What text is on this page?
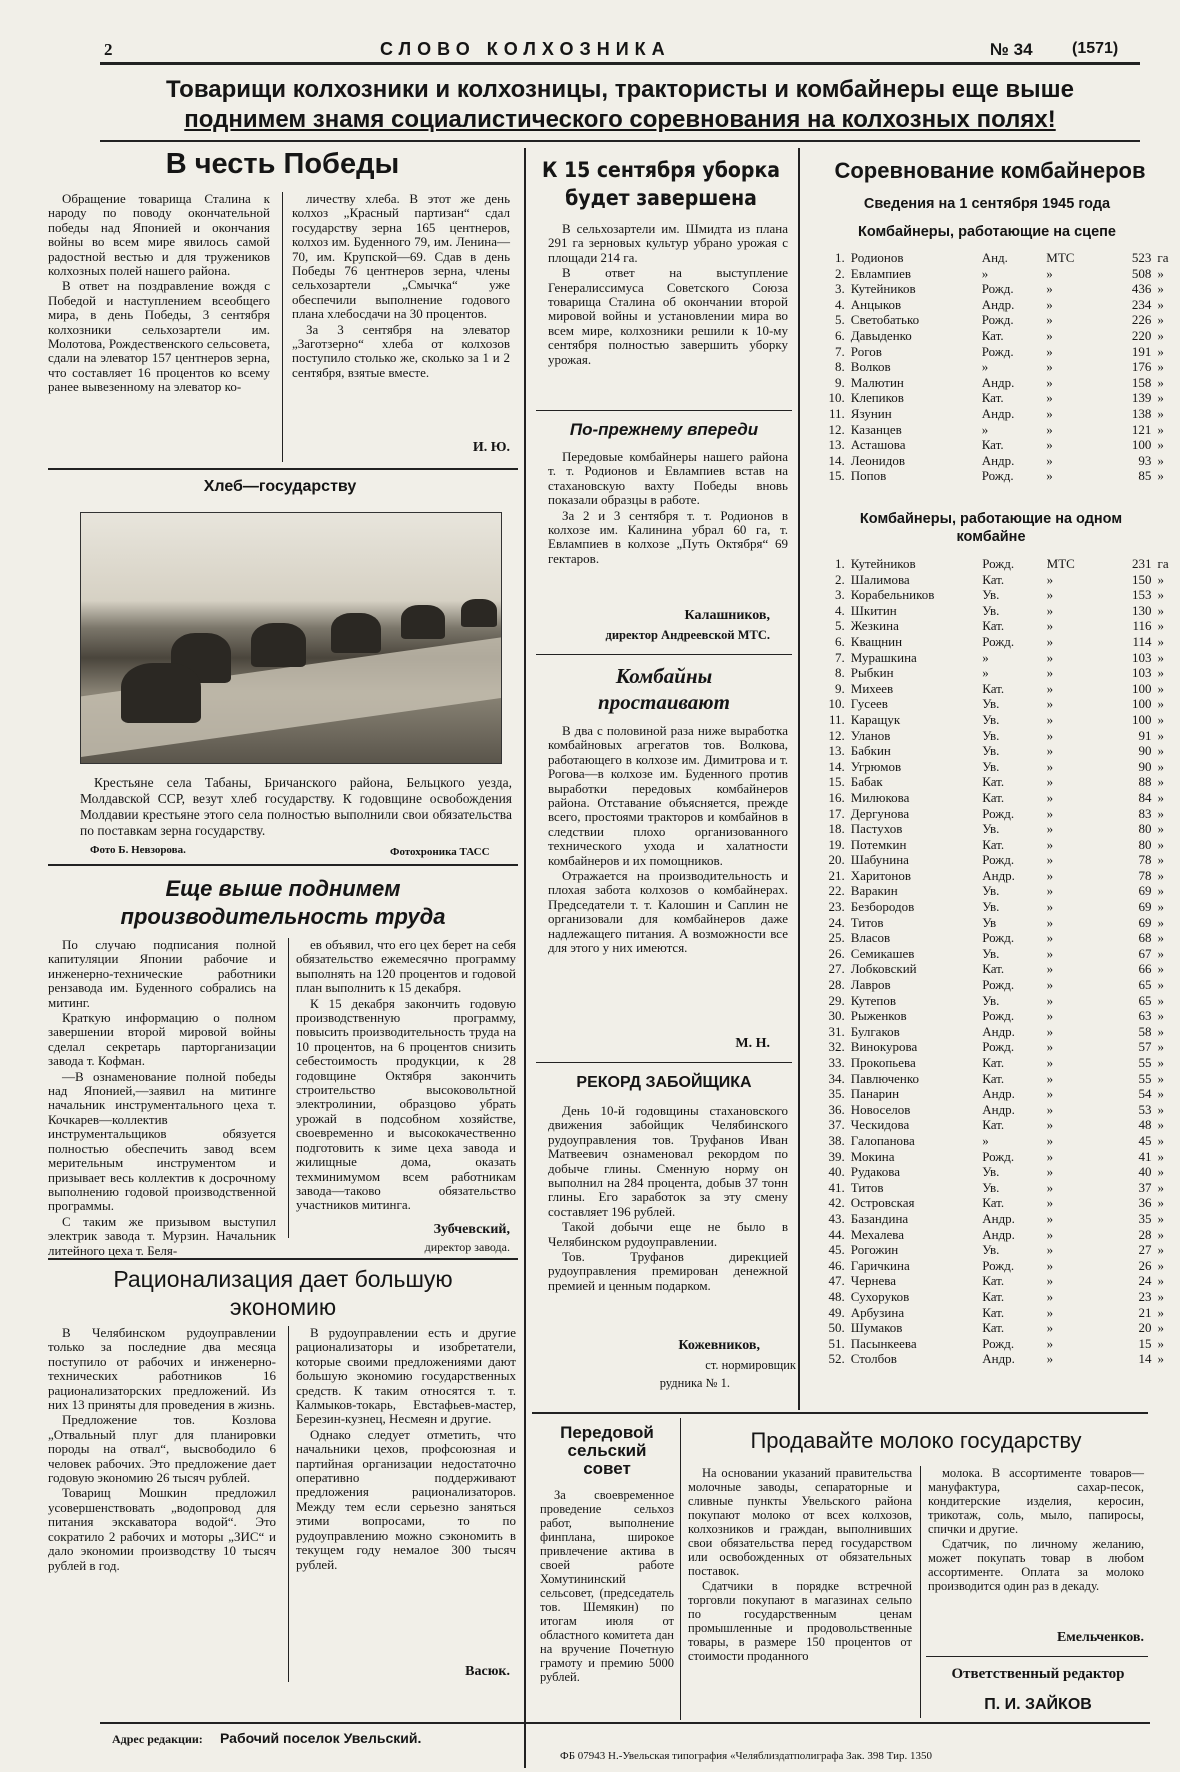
2	СЛОВО КОЛХОЗНИКА	№ 34 (1571)
Товарищи колхозники и колхозницы, трактористы и комбайнеры еще выше
поднимем знамя социалистического соревнования на колхозных полях!
В честь Победы

Обращение товарища Сталина к народу по поводу окончательной победы над Японией и окончания войны во всем мире явилось самой радостной вестью и для тружеников колхозных полей нашего района.

В ответ на поздравление вождя с Победой и наступлением всеобщего мира, в день Победы, 3 сентября колхозники сельхозартели им. Молотова, Рождественского сельсовета, сдали на элеватор 157 центнеров зерна, что составляет 16 процентов ко всему ранее вывезенному на элеватор ко-

личеству хлеба. В этот же день колхоз „Красный партизан“ сдал государству зерна 165 центнеров, колхоз им. Буденного 79, им. Ленина—70, им. Крупской—69. Сдав в день Победы 76 центнеров зерна, члены сельхозартели „Смычка“ уже обеспечили выполнение годового плана хлебосдачи на 30 процентов.

За 3 сентября на элеватор „Заготзерно“ хлеба от колхозов поступило столько же, сколько за 1 и 2 сентября, взятые вместе.

И. Ю.
Хлеб—государству
Крестьяне села Табаны, Бричанского района, Бельцкого уезда, Молдавской ССР, везут хлеб государству. К годовщине освобождения Молдавии крестьяне этого села полностью выполнили свои обязательства по поставкам зерна государству.
Фото Б. Невзорова.	Фотохроника ТАСС
Еще выше поднимем
производительность труда

По случаю подписания полной капитуляции Японии рабочие и инженерно-технические работники рензавода им. Буденного собрались на митинг.

Краткую информацию о полном завершении второй мировой войны сделал секретарь парторганизации завода т. Кофман.

—В ознаменование полной победы над Японией,—заявил на митинге начальник инструментального цеха т. Кочкарев—коллектив инструментальщиков обязуется полностью обеспечить завод всем мерительным инструментом и призывает весь коллектив к досрочному выполнению годовой производственной программы.

С таким же призывом выступил электрик завода т. Мурзин. Начальник литейного цеха т. Беля-

ев объявил, что его цех берет на себя обязательство ежемесячно программу выполнять на 120 процентов и годовой план выполнить к 15 декабря.

К 15 декабря закончить годовую производственную программу, повысить производительность труда на 10 процентов, на 6 процентов снизить себестоимость продукции, к 28 годовщине Октября закончить строительство высоковольтной электролинии, образцово убрать урожай в подсобном хозяйстве, своевременно и высококачественно подготовить к зиме цеха завода и жилищные дома, оказать техминимумом всем работникам завода—таково обязательство участников митинга.

Зубчевский,
директор завода.
Рационализация дает большую
экономию

В Челябинском рудоуправлении только за последние два месяца поступило от рабочих и инженерно-технических работников 16 рационализаторских предложений. Из них 13 приняты для проведения в жизнь.

Предложение тов. Козлова „Отвальный плуг для планировки породы на отвал“, высвободило 6 человек рабочих. Это предложение дает годовую экономию 26 тысяч рублей.

Товарищ Мошкин предложил усовершенствовать „водопровод для питания экскаватора водой“. Это сократило 2 рабочих и моторы „ЗИС“ и дало экономии производству 10 тысяч рублей в год.

В рудоуправлении есть и другие рационализаторы и изобретатели, которые своими предложениями дают большую экономию государственных средств. К таким относятся т. т. Калмыков-токарь, Евстафьев-мастер, Березин-кузнец, Несмеян и другие.

Однако следует отметить, что начальники цехов, профсоюзная и партийная организации недостаточно оперативно поддерживают предложения рационализаторов. Между тем если серьезно заняться этими вопросами, то по рудоуправлению можно сэкономить в текущем году немалое 300 тысяч рублей.

Васюк.
К 15 сентября уборка
будет завершена

В сельхозартели им. Шмидта из плана 291 га зерновых культур убрано урожая с площади 214 га.

В ответ на выступление Генералиссимуса Советского Союза товарища Сталина об окончании второй мировой войны и установлении мира во всем мире, колхозники решили к 10-му сентября полностью завершить уборку урожая.

По-прежнему впереди

Передовые комбайнеры нашего района т. т. Родионов и Евлампиев встав на стахановскую вахту Победы вновь показали образцы в работе.

За 2 и 3 сентября т. т. Родионов в колхозе им. Калинина убрал 60 га, т. Евлампиев в колхозе „Путь Октября“ 69 гектаров.

Калашников,
директор Андреевской МТС.
Комбайны
простаивают

В два с половиной раза ниже выработка комбайновых агрегатов тов. Волкова, работающего в колхозе им. Димитрова и т. Рогова—в колхозе им. Буденного против выработки передовых комбайнеров района. Отставание объясняется, прежде всего, простоями тракторов и комбайнов в следствии плохо организованного технического ухода и халатности комбайнеров и их помощников.

Отражается на производительность и плохая забота колхозов о комбайнерах. Председатели т. т. Калошин и Саплин не организовали для комбайнеров даже надлежащего питания. А возможности все для этого у них имеются.

М. Н.
РЕКОРД ЗАБОЙЩИКА

День 10-й годовщины стахановского движения забойщик Челябинского рудоуправления тов. Труфанов Иван Матвеевич ознаменовал рекордом по добыче глины. Сменную норму он выполнил на 284 процента, добыв 37 тонн глины. Его заработок за эту смену составляет 196 рублей.

Такой добычи еще не было в Челябинском рудоуправлении.

Тов. Труфанов дирекцией рудоуправления премирован денежной премией и ценным подарком.

Кожевников,
ст. нормировщик
рудника № 1.
Соревнование комбайнеров
Сведения на 1 сентября 1945 года
Комбайнеры, работающие на сцепе
1.	Родионов	Анд.	МТС	523	га
2.	Евлампиев	»	»	508	»
3.	Кутейников	Рожд.	»	436	»
4.	Анцыков	Андр.	»	234	»
5.	Светобатько	Рожд.	»	226	»
6.	Давыденко	Кат.	»	220	»
7.	Рогов	Рожд.	»	191	»
8.	Волков	»	»	176	»
9.	Малютин	Андр.	»	158	»
10.	Клепиков	Кат.	»	139	»
11.	Язунин	Андр.	»	138	»
12.	Казанцев	»	»	121	»
13.	Асташова	Кат.	»	100	»
14.	Леонидов	Андр.	»	93	»
15.	Попов	Рожд.	»	85	»
Комбайнеры, работающие на одном комбайне
1.	Кутейников	Рожд.	МТС	231	га
2.	Шалимова	Кат.	»	150	»
3.	Корабельников	Ув.	»	153	»
4.	Шкитин	Ув.	»	130	»
5.	Жезкина	Кат.	»	116	»
6.	Кващнин	Рожд.	»	114	»
7.	Мурашкина	»	»	103	»
8.	Рыбкин	»	»	103	»
9.	Михеев	Кат.	»	100	»
10.	Гусеев	Ув.	»	100	»
11.	Каращук	Ув.	»	100	»
12.	Уланов	Ув.	»	91	»
13.	Бабкин	Ув.	»	90	»
14.	Угрюмов	Ув.	»	90	»
15.	Бабак	Кат.	»	88	»
16.	Милюкова	Кат.	»	84	»
17.	Дергунова	Рожд.	»	83	»
18.	Пастухов	Ув.	»	80	»
19.	Потемкин	Кат.	»	80	»
20.	Шабунина	Рожд.	»	78	»
21.	Харитонов	Андр.	»	78	»
22.	Варакин	Ув.	»	69	»
23.	Безбородов	Ув.	»	69	»
24.	Титов	Ув	»	69	»
25.	Власов	Рожд.	»	68	»
26.	Семикашев	Ув.	»	67	»
27.	Лобковский	Кат.	»	66	»
28.	Лавров	Рожд.	»	65	»
29.	Кутепов	Ув.	»	65	»
30.	Рыженков	Рожд.	»	63	»
31.	Булгаков	Андр.	»	58	»
32.	Винокурова	Рожд.	»	57	»
33.	Прокопьева	Кат.	»	55	»
34.	Павлюченко	Кат.	»	55	»
35.	Панарин	Андр.	»	54	»
36.	Новоселов	Андр.	»	53	»
37.	Ческидова	Кат.	»	48	»
38.	Галопанова	»	»	45	»
39.	Мокина	Рожд.	»	41	»
40.	Рудакова	Ув.	»	40	»
41.	Титов	Ув.	»	37	»
42.	Островская	Кат.	»	36	»
43.	Базандина	Андр.	»	35	»
44.	Мехалева	Андр.	»	28	»
45.	Рогожин	Ув.	»	27	»
46.	Гаричкина	Рожд.	»	26	»
47.	Чернева	Кат.	»	24	»
48.	Сухоруков	Кат.	»	23	»
49.	Арбузина	Кат.	»	21	»
50.	Шумаков	Кат.	»	20	»
51.	Пасынкеева	Рожд.	»	15	»
52.	Столбов	Андр.	»	14	»
Передовой
сельский
совет
За своевременное проведение сельхоз работ, выполнение финплана, широкое привлечение актива в своей работе Хомутининский сельсовет, (председатель тов. Шемякин) по итогам июля от областного комитета дан на вручение Почетную грамоту и премию 5000 рублей.
Продавайте молоко государству

На основании указаний правительства молочные заводы, сепараторные и сливные пункты Увельского района покупают молоко от всех колхозов, колхозников и граждан, выполнивших свои обязательства перед государством или освобожденных от обязательных поставок.

Сдатчики в порядке встречной торговли покупают в магазинах сельпо по государственным ценам промышленные и продовольственные товары, в размере 150 процентов от стоимости проданного

молока. В ассортименте товаров—мануфактура, сахар-песок, кондитерские изделия, керосин, трикотаж, соль, мыло, папиросы, спички и другие.

Сдатчик, по личному желанию, может покупать товар в любом ассортименте. Оплата за молоко производится один раз в декаду.

Емельченков.
Ответственный редактор
П. И. ЗАЙКОВ
Адрес редакции: Рабочий поселок Увельский.
ФБ 07943 Н.-Увельская типография «Челяблиздатполиграфа Зак. 398 Тир. 1350
